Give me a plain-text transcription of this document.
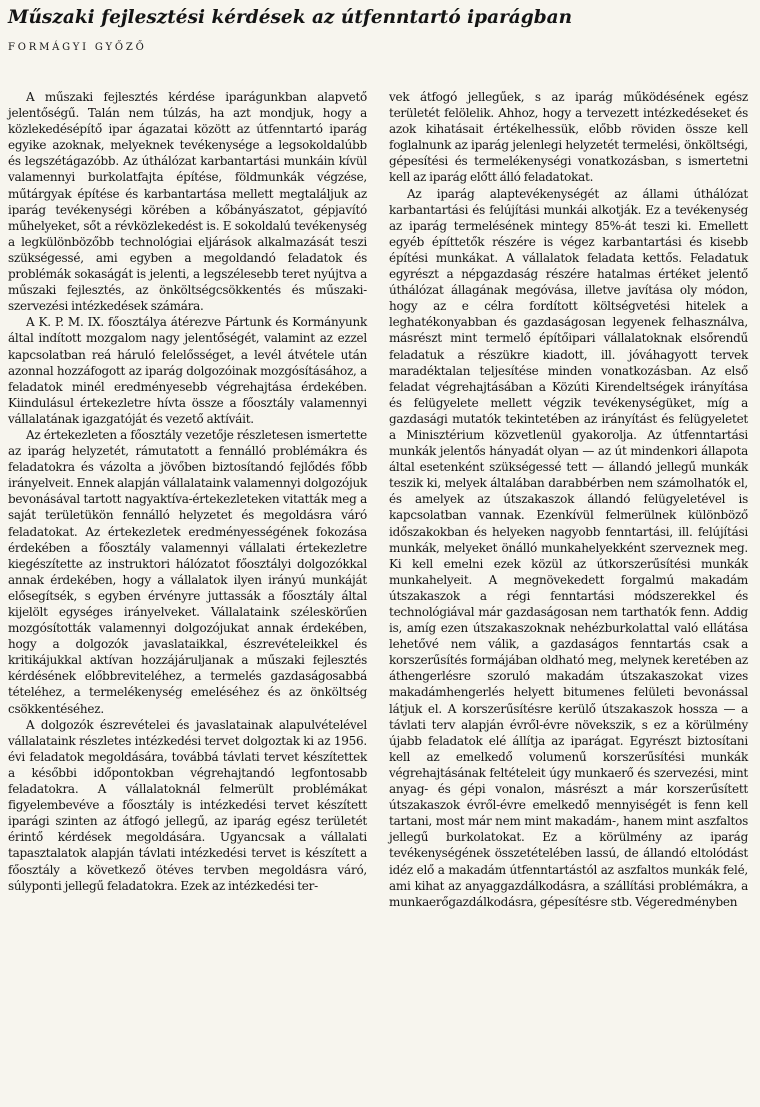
Műszaki fejlesztési kérdések az útfenntartó iparágban
FORMÁGYI GYŐZŐ

A műszaki fejlesztés kérdése iparágunkban alapvető jelentőségű. Talán nem túlzás, ha azt mondjuk, hogy a közlekedésépítő ipar ágazatai között az útfenntartó iparág egyike azoknak, melyeknek tevékenysége a legsokoldalúbb és legszétágazóbb. Az úthálózat karbantartási munkáin kívül valamennyi burkolatfajta építése, földmunkák végzése, műtárgyak építése és karbantartása mellett megtaláljuk az iparág tevékenységi körében a kőbányászatot, gépjavító műhelyeket, sőt a révközlekedést is. E sokoldalú tevékenység a legkülönbözőbb technológiai eljárások alkalmazását teszi szükségessé, ami egyben a megoldandó feladatok és problémák sokaságát is jelenti, a legszélesebb teret nyújtva a műszaki fejlesztés, az önköltségcsökkentés és műszaki-szervezési intézkedések számára.

A K. P. M. IX. főosztálya átérezve Pártunk és Kormányunk által indított mozgalom nagy jelentőségét, valamint az ezzel kapcsolatban reá háruló felelősséget, a levél átvétele után azonnal hozzáfogott az iparág dolgozóinak mozgósításához, a feladatok minél eredményesebb végrehajtása érdekében. Kiindulásul értekezletre hívta össze a főosztály valamennyi vállalatának igazgatóját és vezető aktíváit.

Az értekezleten a főosztály vezetője részletesen ismertette az iparág helyzetét, rámutatott a fennálló problémákra és feladatokra és vázolta a jövőben biztosítandó fejlődés főbb irányelveit. Ennek alapján vállalataink valamennyi dolgozójuk bevonásával tartott nagyaktíva-értekezleteken vitatták meg a saját területükön fennálló helyzetet és megoldásra váró feladatokat. Az értekezletek eredményességének fokozása érdekében a főosztály valamennyi vállalati értekezletre kiegészítette az instruktori hálózatot főosztályi dolgozókkal annak érdekében, hogy a vállalatok ilyen irányú munkáját elősegítsék, s egyben érvényre juttassák a főosztály által kijelölt egységes irányelveket. Vállalataink széleskörűen mozgósították valamennyi dolgozójukat annak érdekében, hogy a dolgozók javaslataikkal, észrevételeikkel és kritikájukkal aktívan hozzájáruljanak a műszaki fejlesztés kérdésének előbbreviteléhez, a termelés gazdaságosabbá tételéhez, a termelékenység emeléséhez és az önköltség csökkentéséhez.

A dolgozók észrevételei és javaslatainak alapulvételével vállalataink részletes intézkedési tervet dolgoztak ki az 1956. évi feladatok megoldására, továbbá távlati tervet készítettek a későbbi időpontokban végrehajtandó legfontosabb feladatokra. A vállalatoknál felmerült problémákat figyelembevéve a főosztály is intézkedési tervet készített iparági szinten az átfogó jellegű, az iparág egész területét érintő kérdések megoldására. Ugyancsak a vállalati tapasztalatok alapján távlati intézkedési tervet is készített a főosztály a következő ötéves tervben megoldásra váró, súlyponti jellegű feladatokra. Ezek az intézkedési ter-

vek átfogó jellegűek, s az iparág működésének egész területét felölelik. Ahhoz, hogy a tervezett intézkedéseket és azok kihatásait értékelhessük, előbb röviden össze kell foglalnunk az iparág jelenlegi helyzetét termelési, önköltségi, gépesítési és termelékenységi vonatkozásban, s ismertetni kell az iparág előtt álló feladatokat.

Az iparág alaptevékenységét az állami úthálózat karbantartási és felújítási munkái alkotják. Ez a tevékenység az iparág termelésének mintegy 85%-át teszi ki. Emellett egyéb építtetők részére is végez karbantartási és kisebb építési munkákat. A vállalatok feladata kettős. Feladatuk egyrészt a népgazdaság részére hatalmas értéket jelentő úthálózat állagának megóvása, illetve javítása oly módon, hogy az e célra fordított költségvetési hitelek a leghatékonyabban és gazdaságosan legyenek felhasználva, másrészt mint termelő építőipari vállalatoknak elsőrendű feladatuk a részükre kiadott, ill. jóváhagyott tervek maradéktalan teljesítése minden vonatkozásban. Az első feladat végrehajtásában a Közúti Kirendeltségek irányítása és felügyelete mellett végzik tevékenységüket, míg a gazdasági mutatók tekintetében az irányítást és felügyeletet a Minisztérium közvetlenül gyakorolja. Az útfenntartási munkák jelentős hányadát olyan — az út mindenkori állapota által esetenként szükségessé tett — állandó jellegű munkák teszik ki, melyek általában darabbérben nem számolhatók el, és amelyek az útszakaszok állandó felügyeletével is kapcsolatban vannak. Ezenkívül felmerülnek különböző időszakokban és helyeken nagyobb fenntartási, ill. felújítási munkák, melyeket önálló munkahelyekként szerveznek meg. Ki kell emelni ezek közül az útkorszerűsítési munkák munkahelyeit. A megnövekedett forgalmú makadám útszakaszok a régi fenntartási módszerekkel és technológiával már gazdaságosan nem tarthatók fenn. Addig is, amíg ezen útszakaszoknak nehézburkolattal való ellátása lehetővé nem válik, a gazdaságos fenntartás csak a korszerűsítés formájában oldható meg, melynek keretében az áthengerlésre szoruló makadám útszakaszokat vizes makadámhengerlés helyett bitumenes felületi bevonással látjuk el. A korszerűsítésre kerülő útszakaszok hossza — a távlati terv alapján évről-évre növekszik, s ez a körülmény újabb feladatok elé állítja az iparágat. Egyrészt biztosítani kell az emelkedő volumenű korszerűsítési munkák végrehajtásának feltételeit úgy munkaerő és szervezési, mint anyag- és gépi vonalon, másrészt a már korszerűsített útszakaszok évről-évre emelkedő mennyiségét is fenn kell tartani, most már nem mint makadám-, hanem mint aszfaltos jellegű burkolatokat. Ez a körülmény az iparág tevékenységének összetételében lassú, de állandó eltolódást idéz elő a makadám útfenntartástól az aszfaltos munkák felé, ami kihat az anyaggazdálkodásra, a szállítási problémákra, a munkaerőgazdálkodásra, gépesítésre stb. Végeredményben
